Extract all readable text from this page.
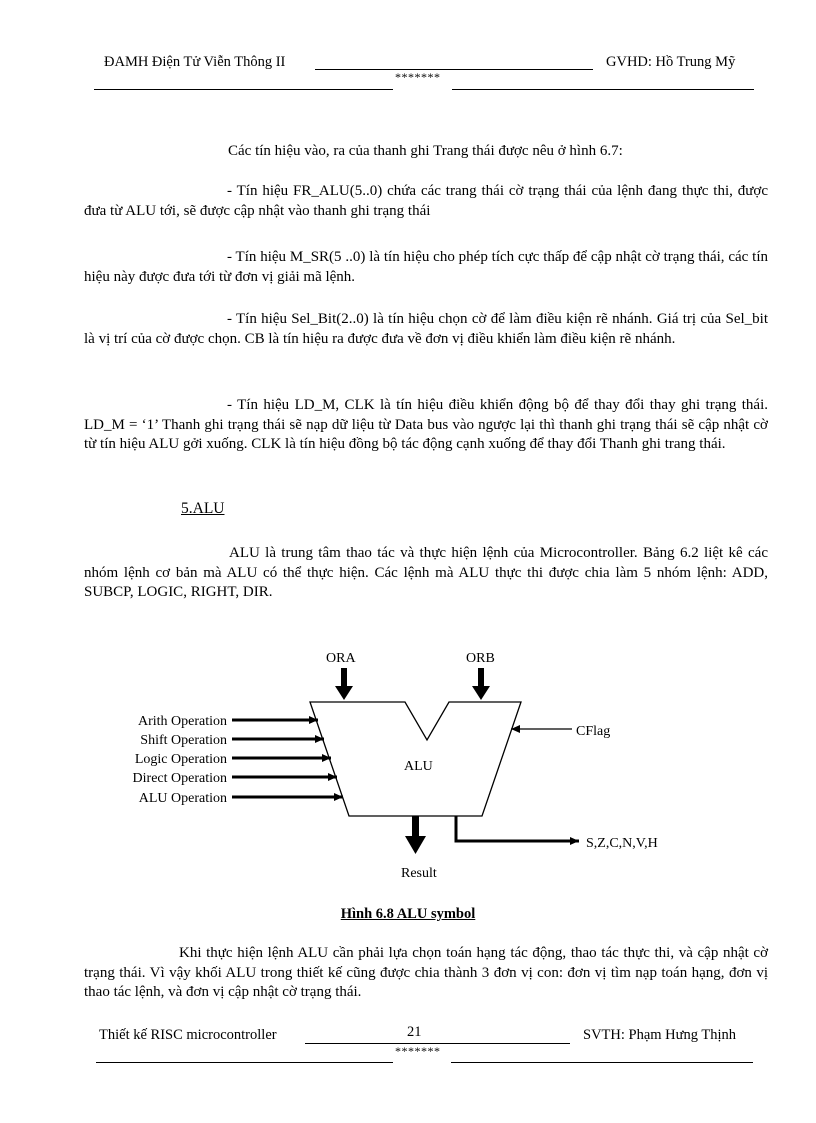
ĐAMH Điện Tử Viễn Thông II	GVHD: Hồ Trung Mỹ
*******
Các tín hiệu vào, ra của thanh ghi Trang thái được nêu ở hình 6.7:

- Tín hiệu FR_ALU(5..0) chứa các trang thái cờ trạng thái của lệnh đang thực thi, được đưa từ ALU tới, sẽ được cập nhật vào thanh ghi trạng thái

- Tín hiệu M_SR(5 ..0) là tín hiệu cho phép tích cực thấp để cập nhật cờ trạng thái, các tín hiệu này được đưa tới từ đơn vị giải mã lệnh.

- Tín hiệu Sel_Bit(2..0) là tín hiệu chọn cờ để làm điều kiện rẽ nhánh. Giá trị của Sel_bit là vị trí của cờ được chọn. CB là tín hiệu ra được đưa về đơn vị điều khiển làm điều kiện rẽ nhánh.

- Tín hiệu LD_M, CLK là tín hiệu điều khiển động bộ để thay đổi thay ghi trạng thái. LD_M = ‘1’ Thanh ghi trạng thái sẽ nạp dữ liệu từ Data bus vào ngược lại thì thanh ghi trạng thái sẽ cập nhật cờ từ tín hiệu ALU gởi xuống. CLK là tín hiệu đồng bộ tác động cạnh xuống để thay đổi Thanh ghi trang thái.

5.ALU

ALU là trung tâm thao tác và thực hiện lệnh của Microcontroller. Bảng 6.2 liệt kê các nhóm lệnh cơ bản mà ALU có thể thực hiện. Các lệnh mà ALU thực thi được chia làm 5 nhóm lệnh: ADD, SUBCP, LOGIC, RIGHT, DIR.

ALU
ORA	ORB
Arith Operation
Shift Operation
Logic Operation
Direct Operation
ALU Operation
CFlag
Result
S,Z,C,N,V,H
Hình 6.8 ALU symbol

Khi thực hiện lệnh ALU cần phải lựa chọn toán hạng tác động, thao tác thực thi, và cập nhật cờ trạng thái. Vì vậy khối ALU trong thiết kế cũng được chia thành 3 đơn vị con: đơn vị tìm nạp toán hạng, đơn vị thao tác lệnh, và đơn vị cập nhật cờ trạng thái.

Thiết kế RISC microcontroller	21	SVTH: Phạm Hưng Thịnh
*******
